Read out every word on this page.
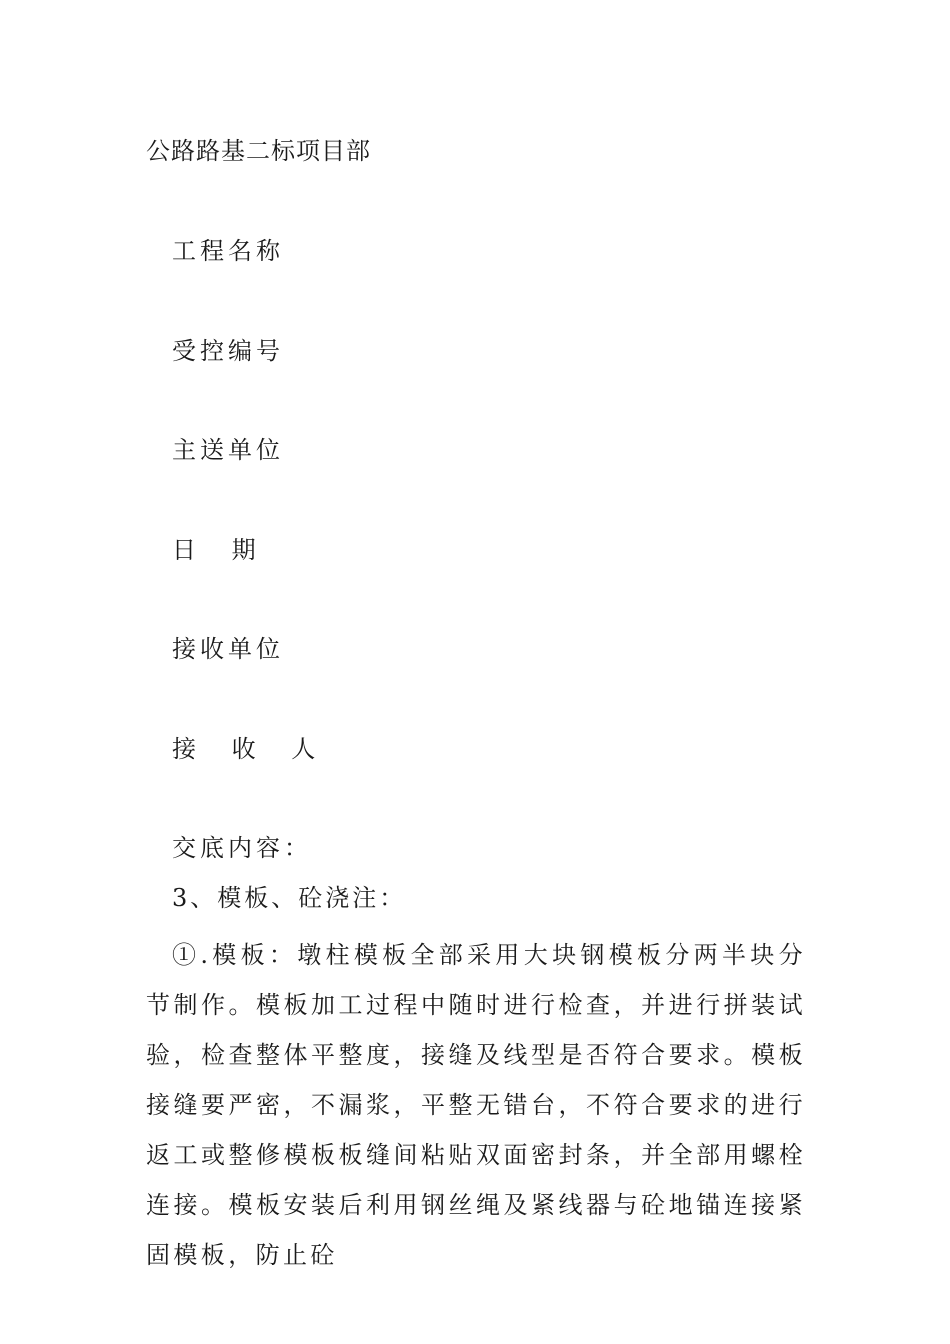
公路路基二标项目部
工程名称
受控编号
主送单位
日 期
接收单位
接 收 人
交底内容：
3、模板、砼浇注：

①.模板：墩柱模板全部采用大块钢模板分两半块分节制作。模板加工过程中随时进行检查，并进行拼装试验，检查整体平整度，接缝及线型是否符合要求。模板接缝要严密，不漏浆，平整无错台，不符合要求的进行返工或整修模板板缝间粘贴双面密封条，并全部用螺栓连接。模板安装后利用钢丝绳及紧线器与砼地锚连接紧固模板，防止砼
